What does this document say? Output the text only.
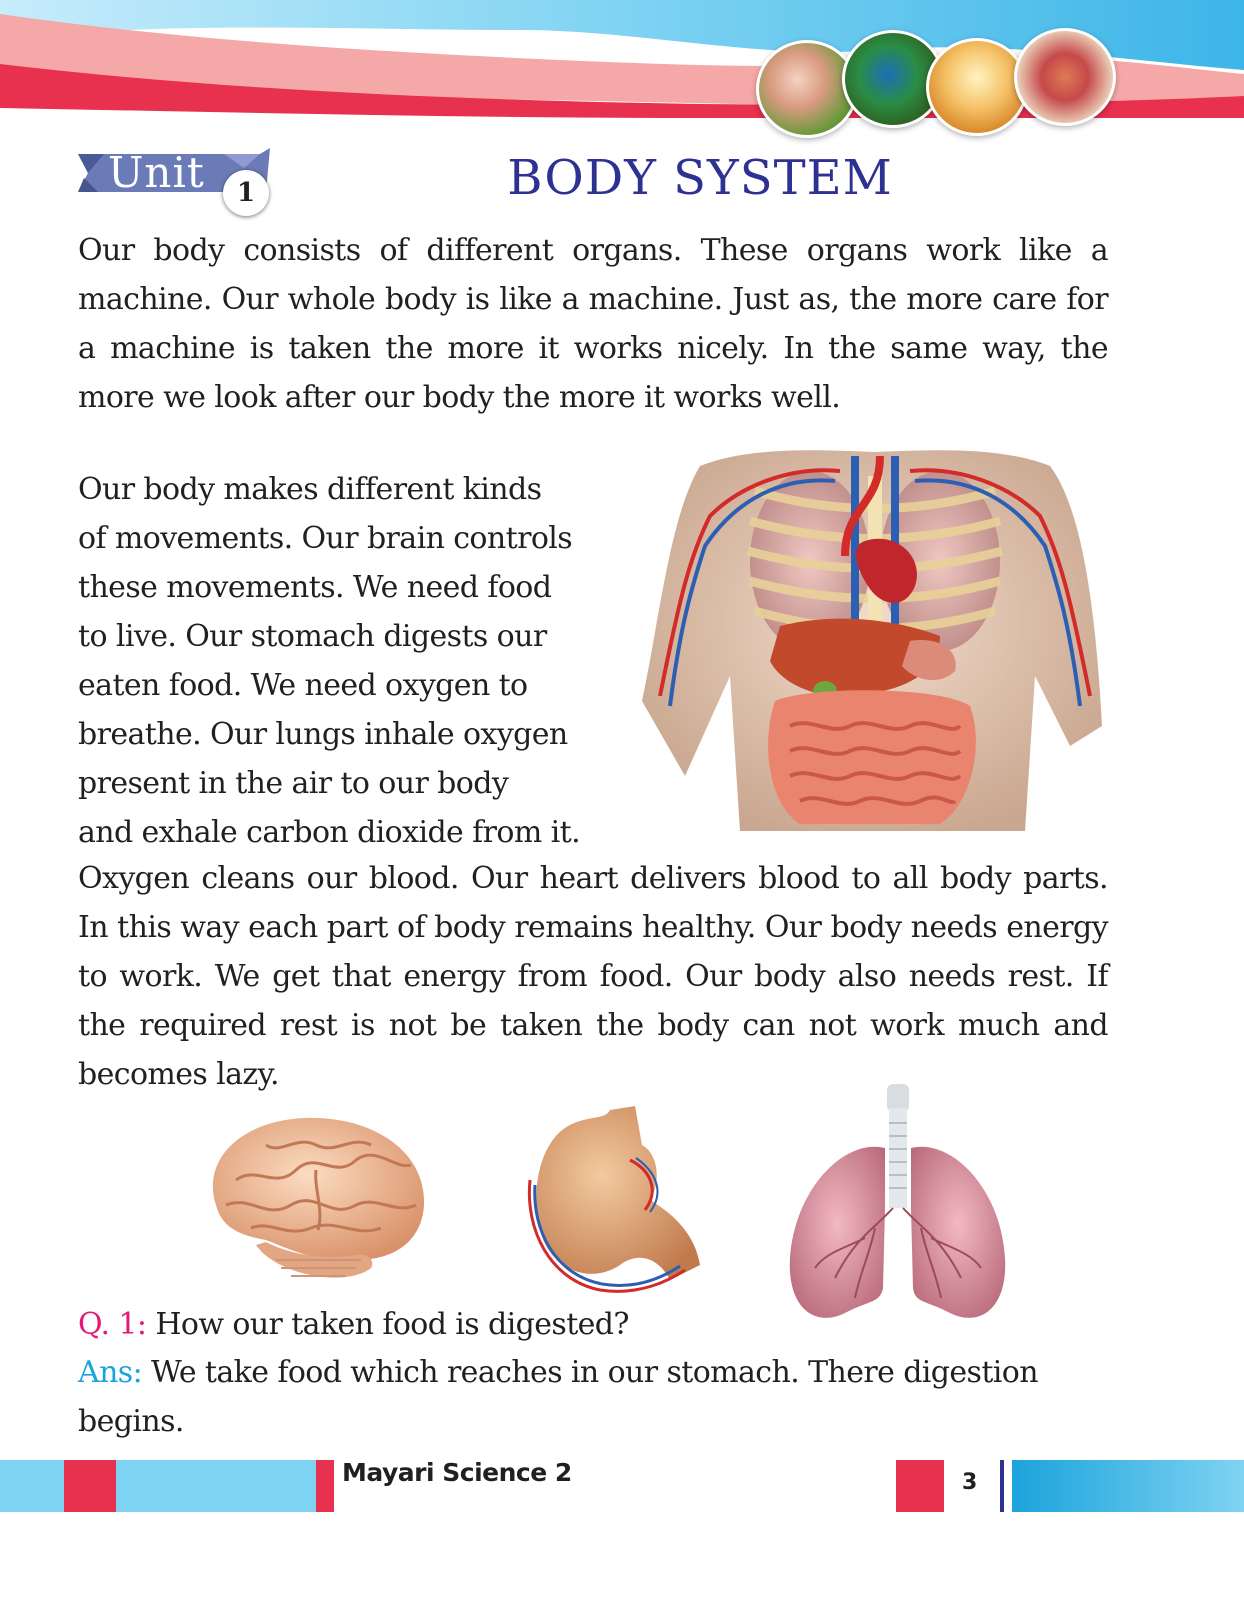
Unit	1	BODY SYSTEM

Our body consists of different organs. These organs work like a machine. Our whole body is like a machine. Just as, the more care for a machine is taken the more it works nicely. In the same way, the more we look after our body the more it works well.

Our body makes different kinds
of movements. Our brain controls
these movements. We need food
to live. Our stomach digests our
eaten food. We need oxygen to
breathe. Our lungs inhale oxygen
present in the air to our body
and exhale carbon dioxide from it.

Oxygen cleans our blood. Our heart delivers blood to all body parts. In this way each part of body remains healthy. Our body needs energy to work. We get that energy from food. Our body also needs rest. If the required rest is not be taken the body can not work much and becomes lazy.

Q. 1: How our taken food is digested?

Ans: We take food which reaches in our stomach. There digestion begins.

Mayari Science 2	3
